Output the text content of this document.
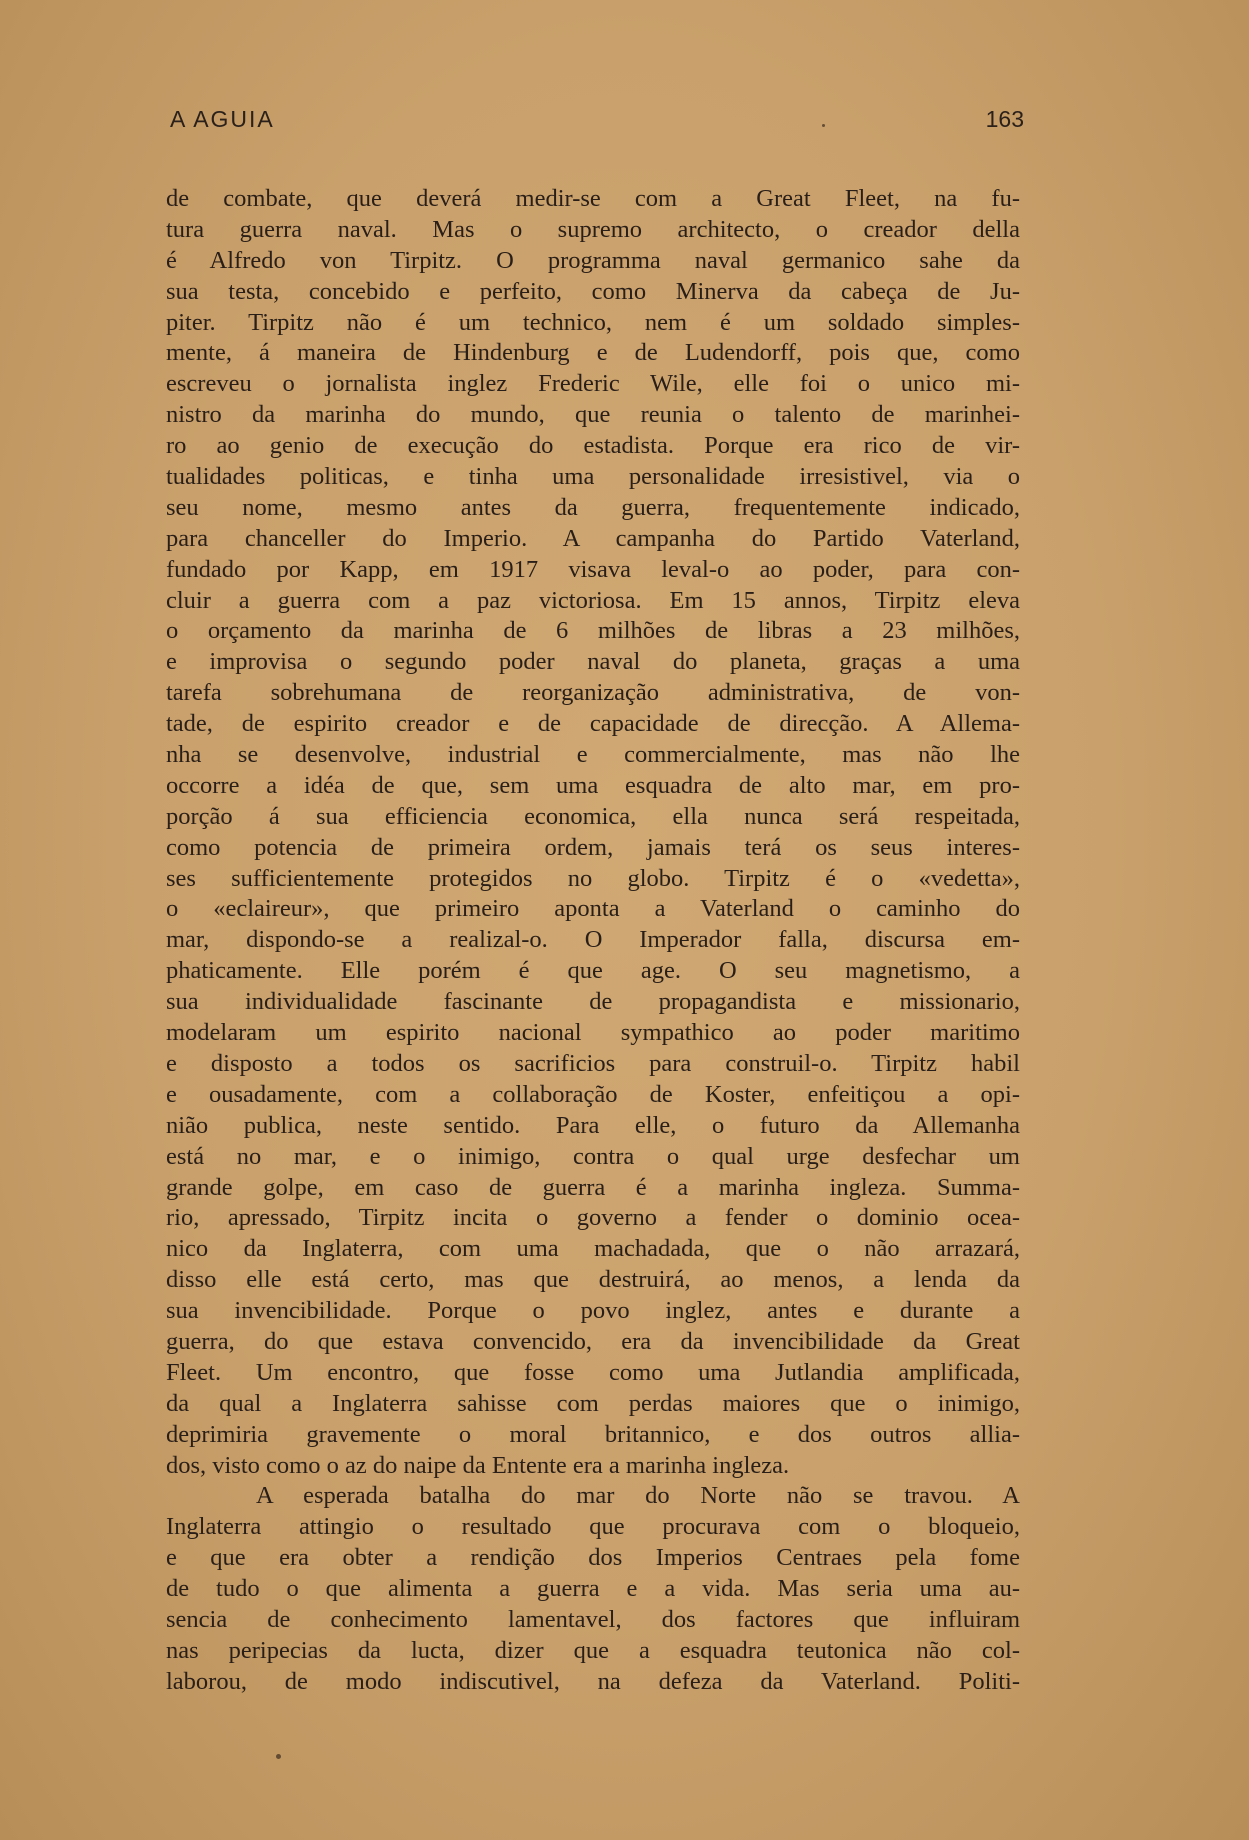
A AGUIA	163
de combate, que deverá medir-se com a Great Fleet, na fu-
tura guerra naval. Mas o supremo architecto, o creador della
é Alfredo von Tirpitz. O programma naval germanico sahe da
sua testa, concebido e perfeito, como Minerva da cabeça de Ju-
piter. Tirpitz não é um technico, nem é um soldado simples-
mente, á maneira de Hindenburg e de Ludendorff, pois que, como
escreveu o jornalista inglez Frederic Wile, elle foi o unico mi-
nistro da marinha do mundo, que reunia o talento de marinhei-
ro ao genio de execução do estadista. Porque era rico de vir-
tualidades politicas, e tinha uma personalidade irresistivel, via o
seu nome, mesmo antes da guerra, frequentemente indicado,
para chanceller do Imperio. A campanha do Partido Vaterland,
fundado por Kapp, em 1917 visava leval-o ao poder, para con-
cluir a guerra com a paz victoriosa. Em 15 annos, Tirpitz eleva
o orçamento da marinha de 6 milhões de libras a 23 milhões,
e improvisa o segundo poder naval do planeta, graças a uma
tarefa sobrehumana de reorganização administrativa, de von-
tade, de espirito creador e de capacidade de direcção. A Allema-
nha se desenvolve, industrial e commercialmente, mas não lhe
occorre a idéa de que, sem uma esquadra de alto mar, em pro-
porção á sua efficiencia economica, ella nunca será respeitada,
como potencia de primeira ordem, jamais terá os seus interes-
ses sufficientemente protegidos no globo. Tirpitz é o «vedetta»,
o «eclaireur», que primeiro aponta a Vaterland o caminho do
mar, dispondo-se a realizal-o. O Imperador falla, discursa em-
phaticamente. Elle porém é que age. O seu magnetismo, a
sua individualidade fascinante de propagandista e missionario,
modelaram um espirito nacional sympathico ao poder maritimo
e disposto a todos os sacrificios para construil-o. Tirpitz habil
e ousadamente, com a collaboração de Koster, enfeitiçou a opi-
nião publica, neste sentido. Para elle, o futuro da Allemanha
está no mar, e o inimigo, contra o qual urge desfechar um
grande golpe, em caso de guerra é a marinha ingleza. Summa-
rio, apressado, Tirpitz incita o governo a fender o dominio ocea-
nico da Inglaterra, com uma machadada, que o não arrazará,
disso elle está certo, mas que destruirá, ao menos, a lenda da
sua invencibilidade. Porque o povo inglez, antes e durante a
guerra, do que estava convencido, era da invencibilidade da Great
Fleet. Um encontro, que fosse como uma Jutlandia amplificada,
da qual a Inglaterra sahisse com perdas maiores que o inimigo,
deprimiria gravemente o moral britannico, e dos outros allia-
dos, visto como o az do naipe da Entente era a marinha ingleza.
A esperada batalha do mar do Norte não se travou. A
Inglaterra attingio o resultado que procurava com o bloqueio,
e que era obter a rendição dos Imperios Centraes pela fome
de tudo o que alimenta a guerra e a vida. Mas seria uma au-
sencia de conhecimento lamentavel, dos factores que influiram
nas peripecias da lucta, dizer que a esquadra teutonica não col-
laborou, de modo indiscutivel, na defeza da Vaterland. Politi-
